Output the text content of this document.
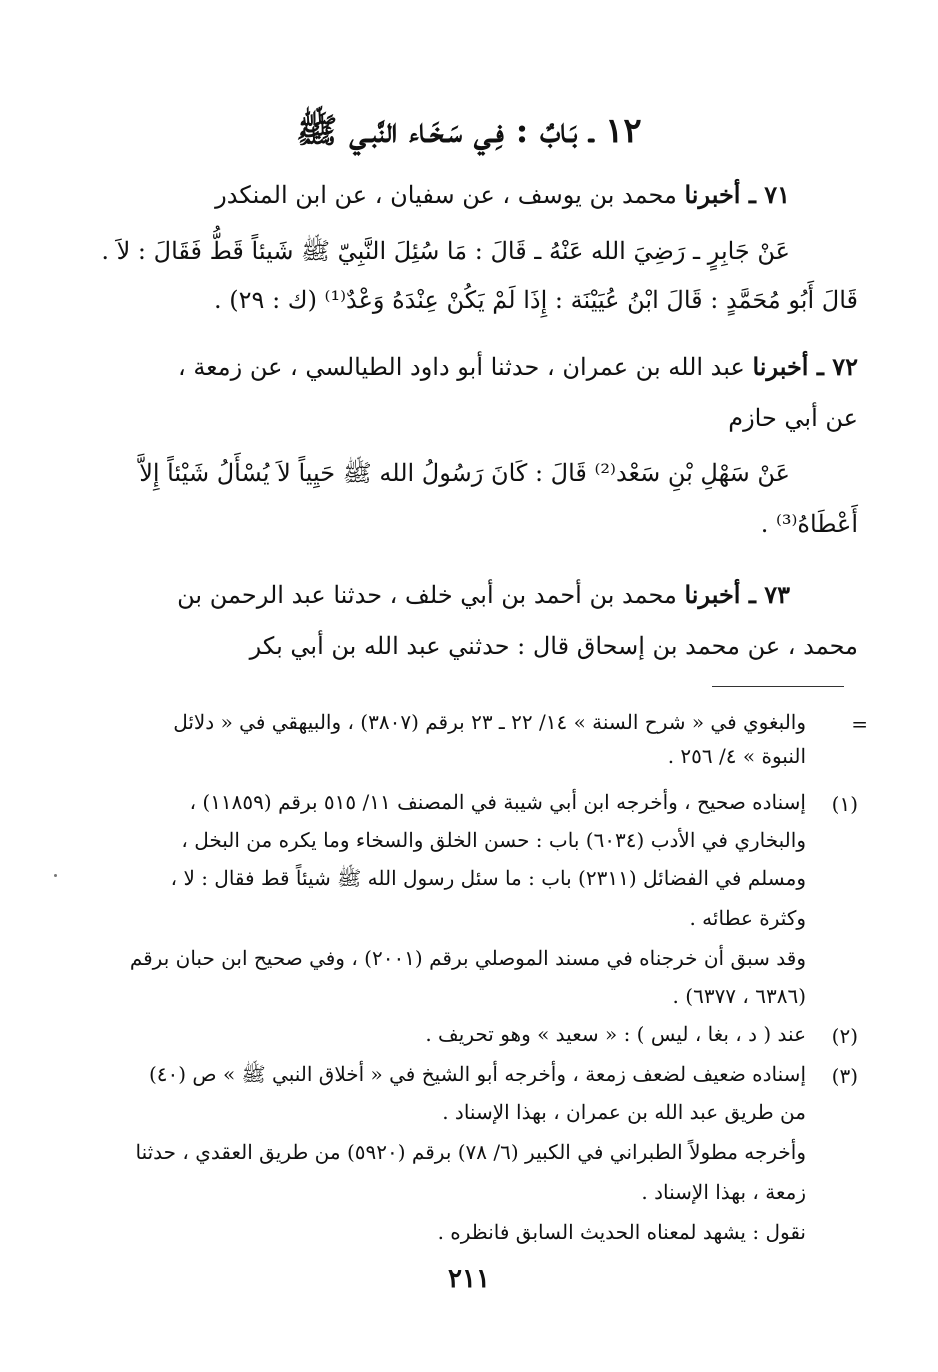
١٢ ـ بَـابٌ : فِـي سَـخَـاء النَّبـي ﷺ
٧١ ـ أخبرنا محمد بن يوسف ، عن سفيان ، عن ابن المنكدر
عَنْ جَابِرٍ ـ رَضِيَ الله عَنْهُ ـ قَالَ : مَا سُئِلَ النَّبِيّ ﷺ شَيئاً قَطُّ فَقَالَ : لاَ .
قَالَ أَبُو مُحَمَّدٍ : قَالَ ابْنُ عُيَيْنَة : إِذَا لَمْ يَكُنْ عِنْدَهُ وَعْدٌ⁽¹⁾ (ك : ٢٩) .
٧٢ ـ أخبرنا عبد الله بن عمران ، حدثنا أبو داود الطيالسي ، عن زمعة ،
عن أبي حازم
عَنْ سَهْلِ بْنِ سَعْد⁽²⁾ قَالَ : كَانَ رَسُولُ الله ﷺ حَيِياً لاَ يُسْأَلُ شَيْئاً إِلاَّ
أَعْطَاهُ⁽³⁾ .
٧٣ ـ أخبرنا محمد بن أحمد بن أبي خلف ، حدثنا عبد الرحمن بن
محمد ، عن محمد بن إسحاق قال : حدثني عبد الله بن أبي بكر
=
والبغوي في « شرح السنة » ١٤/ ٢٢ ـ ٢٣ برقم (٣٨٠٧) ، والبيهقي في « دلائل
النبوة » ٤/ ٢٥٦ .
(١)
إسناده صحيح ، وأخرجه ابن أبي شيبة في المصنف ١١/ ٥١٥ برقم (١١٨٥٩) ،
والبخاري في الأدب (٦٠٣٤) باب : حسن الخلق والسخاء وما يكره من البخل ،
ومسلم في الفضائل (٢٣١١) باب : ما سئل رسول الله ﷺ شيئاً قط فقال : لا ،
وكثرة عطائه .
وقد سبق أن خرجناه في مسند الموصلي برقم (٢٠٠١) ، وفي صحيح ابن حبان برقم
(٦٣٨٦ ، ٦٣٧٧) .
(٢)
عند ( د ، بغا ، ليس ) : « سعيد » وهو تحريف .
(٣)
إسناده ضعيف لضعف زمعة ، وأخرجه أبو الشيخ في « أخلاق النبي ﷺ » ص (٤٠)
من طريق عبد الله بن عمران ، بهذا الإسناد .
وأخرجه مطولاً الطبراني في الكبير (٦/ ٧٨) برقم (٥٩٢٠) من طريق العقدي ، حدثنا
زمعة ، بهذا الإسناد .
نقول : يشهد لمعناه الحديث السابق فانظره .
٢١١
